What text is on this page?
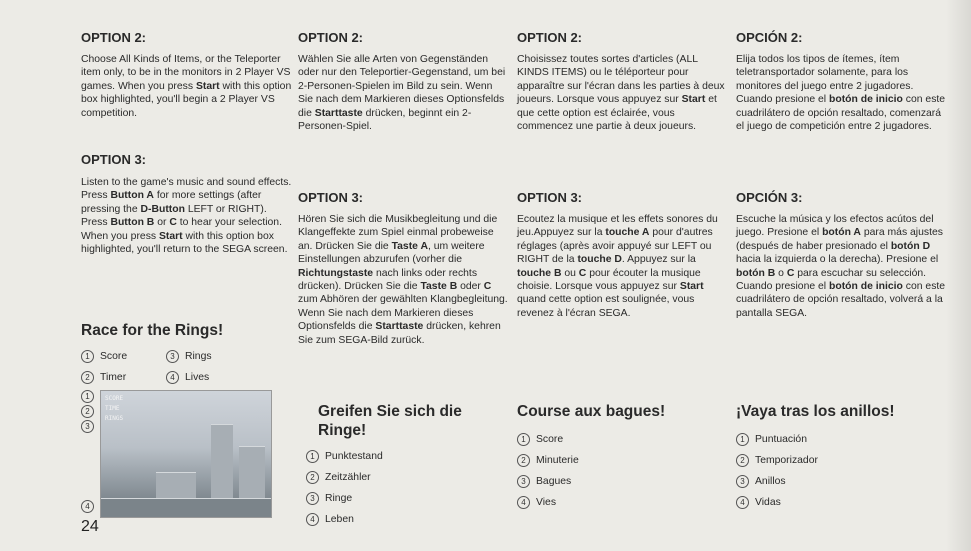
OPTION 2:
Choose All Kinds of Items, or the Teleporter item only, to be in the monitors in 2 Player VS games. When you press Start with this option box highlighted, you'll begin a 2 Player VS competition.
OPTION 3:
Listen to the game's music and sound effects. Press Button A for more settings (after pressing the D-Button LEFT or RIGHT). Press Button B or C to hear your selection. When you press Start with this option box highlighted, you'll return to the SEGA screen.
Race for the Rings!
1 Score	3 Rings
2 Timer	4 Lives
1
2
3
4
SCORE
TIME
RINGS
24
OPTION 2:
Wählen Sie alle Arten von Gegenständen oder nur den Teleportier-Gegenstand, um bei 2-Personen-Spielen im Bild zu sein. Wenn Sie nach dem Markieren dieses Optionsfelds die Starttaste drücken, beginnt ein 2-Personen-Spiel.
OPTION 3:
Hören Sie sich die Musikbegleitung und die Klangeffekte zum Spiel einmal probeweise an. Drücken Sie die Taste A, um weitere Einstellungen abzurufen (vorher die Richtungstaste nach links oder rechts drücken). Drücken Sie die Taste B oder C zum Abhören der gewählten Klangbegleitung. Wenn Sie nach dem Markieren dieses Optionsfelds die Starttaste drücken, kehren Sie zum SEGA-Bild zurück.
Greifen Sie sich die Ringe!
1 Punktestand
2 Zeitzähler
3 Ringe
4 Leben
OPTION 2:
Choisissez toutes sortes d'articles (ALL KINDS ITEMS) ou le téléporteur pour apparaître sur l'écran dans les parties à deux joueurs. Lorsque vous appuyez sur Start et que cette option est éclairée, vous commencez une partie à deux joueurs.
OPTION 3:
Ecoutez la musique et les effets sonores du jeu.Appuyez sur la touche A pour d'autres réglages (après avoir appuyé sur LEFT ou RIGHT de la touche D. Appuyez sur la touche B ou C pour écouter la musique choisie. Lorsque vous appuyez sur Start quand cette option est soulignée, vous revenez à l'écran SEGA.
Course aux bagues!
1 Score
2 Minuterie
3 Bagues
4 Vies
OPCIÓN 2:
Elija todos los tipos de ítemes, ítem teletransportador solamente, para los monitores del juego entre 2 jugadores. Cuando presione el botón de inicio con este cuadrilátero de opción resaltado, comenzará el juego de competición entre 2 jugadores.
OPCIÓN 3:
Escuche la música y los efectos acútos del juego. Presione el botón A para más ajustes (después de haber presionado el botón D hacia la izquierda o la derecha). Presione el botón B o C para escuchar su selección. Cuando presione el botón de inicio con este cuadrilátero de opción resaltado, volverá a la pantalla SEGA.
¡Vaya tras los anillos!
1 Puntuación
2 Temporizador
3 Anillos
4 Vidas
